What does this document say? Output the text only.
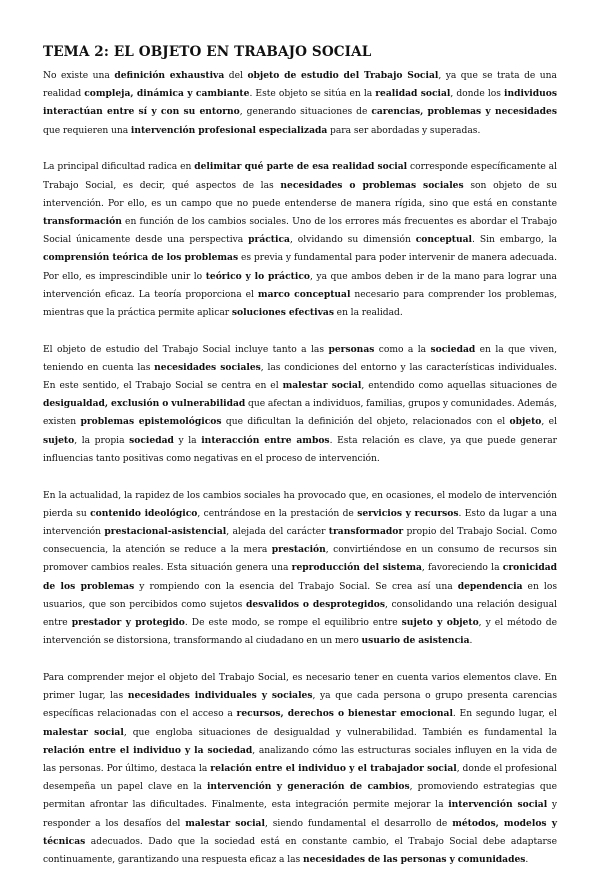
TEMA 2: EL OBJETO EN TRABAJO SOCIAL

No existe una definición exhaustiva del objeto de estudio del Trabajo Social, ya que se trata de una realidad compleja, dinámica y cambiante. Este objeto se sitúa en la realidad social, donde los individuos interactúan entre sí y con su entorno, generando situaciones de carencias, problemas y necesidades que requieren una intervención profesional especializada para ser abordadas y superadas.

La principal dificultad radica en delimitar qué parte de esa realidad social corresponde específicamente al Trabajo Social, es decir, qué aspectos de las necesidades o problemas sociales son objeto de su intervención. Por ello, es un campo que no puede entenderse de manera rígida, sino que está en constante transformación en función de los cambios sociales. Uno de los errores más frecuentes es abordar el Trabajo Social únicamente desde una perspectiva práctica, olvidando su dimensión conceptual. Sin embargo, la comprensión teórica de los problemas es previa y fundamental para poder intervenir de manera adecuada. Por ello, es imprescindible unir lo teórico y lo práctico, ya que ambos deben ir de la mano para lograr una intervención eficaz. La teoría proporciona el marco conceptual necesario para comprender los problemas, mientras que la práctica permite aplicar soluciones efectivas en la realidad.

El objeto de estudio del Trabajo Social incluye tanto a las personas como a la sociedad en la que viven, teniendo en cuenta las necesidades sociales, las condiciones del entorno y las características individuales. En este sentido, el Trabajo Social se centra en el malestar social, entendido como aquellas situaciones de desigualdad, exclusión o vulnerabilidad que afectan a individuos, familias, grupos y comunidades. Además, existen problemas epistemológicos que dificultan la definición del objeto, relacionados con el objeto, el sujeto, la propia sociedad y la interacción entre ambos. Esta relación es clave, ya que puede generar influencias tanto positivas como negativas en el proceso de intervención.

En la actualidad, la rapidez de los cambios sociales ha provocado que, en ocasiones, el modelo de intervención pierda su contenido ideológico, centrándose en la prestación de servicios y recursos. Esto da lugar a una intervención prestacional-asistencial, alejada del carácter transformador propio del Trabajo Social. Como consecuencia, la atención se reduce a la mera prestación, convirtiéndose en un consumo de recursos sin promover cambios reales. Esta situación genera una reproducción del sistema, favoreciendo la cronicidad de los problemas y rompiendo con la esencia del Trabajo Social. Se crea así una dependencia en los usuarios, que son percibidos como sujetos desvalidos o desprotegidos, consolidando una relación desigual entre prestador y protegido. De este modo, se rompe el equilibrio entre sujeto y objeto, y el método de intervención se distorsiona, transformando al ciudadano en un mero usuario de asistencia.

Para comprender mejor el objeto del Trabajo Social, es necesario tener en cuenta varios elementos clave. En primer lugar, las necesidades individuales y sociales, ya que cada persona o grupo presenta carencias específicas relacionadas con el acceso a recursos, derechos o bienestar emocional. En segundo lugar, el malestar social, que engloba situaciones de desigualdad y vulnerabilidad. También es fundamental la relación entre el individuo y la sociedad, analizando cómo las estructuras sociales influyen en la vida de las personas. Por último, destaca la relación entre el individuo y el trabajador social, donde el profesional desempeña un papel clave en la intervención y generación de cambios, promoviendo estrategias que permitan afrontar las dificultades. Finalmente, esta integración permite mejorar la intervención social y responder a los desafíos del malestar social, siendo fundamental el desarrollo de métodos, modelos y técnicas adecuados. Dado que la sociedad está en constante cambio, el Trabajo Social debe adaptarse continuamente, garantizando una respuesta eficaz a las necesidades de las personas y comunidades.
